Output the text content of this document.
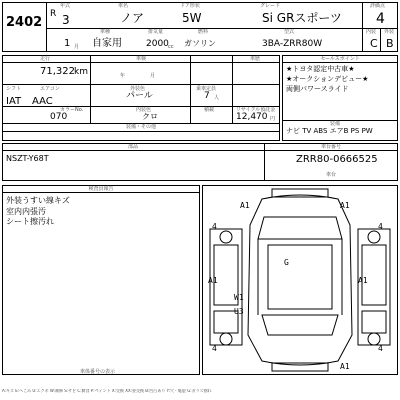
2402
年式	車名	ドア形状	グレード	評価点
R 3	ノア	5W	Si GRスポーツ 4
車種	排気量	燃料	型式	内装 外装
1 月 自家用	2000 cc ガソリン	3BA-ZRR80W	C B
走行	車検	車歴
71,322 km	年	月
シフト	エアコン
IAT AAC
外装色
パール
乗車定員
7 人
カラーNo.
070
内装色
クロ
積載	リサイクル預託金
12,470 円
装備・その他
セールスポイント
★トヨタ認定中古車★
★オークションデビュー★
両側パワースライド
装備
ナビ TV ABS エアB PS PW
部品	車台番号
NSZT-Y68T	ZRR80-0666525
車台
検査員報告
外装うすい線キズ
室内内張汚
シート擦汚れ
A1	A1
4	4
G
A1
A1
W1
U3
4	4
A1
車体番号の表示
A:キズ E:へこみ U:エクボ W:補修 S:サビ C:腐食 P:ペイント X:交換 XX:要交換 B:凹凸あり Y:穴・亀裂 G:ガラス割れ
